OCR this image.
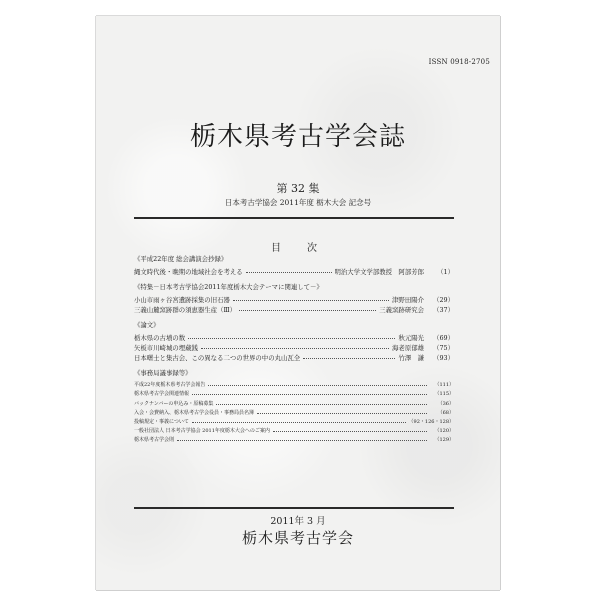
ISSN 0918-2705
栃木県考古学会誌
第 32 集
日本考古学協会 2011年度 栃木大会 記念号
目　次
《平成22年度 総会講演会抄録》
縄文時代後・晩期の地域社会を考える	明治大学文学部教授　阿部芳郎	（1）
《特集－日本考古学協会2011年度栃木大会テーマに関連して－》
小山市雨ヶ谷宮遺跡採集の旧石器	津野田陽介	（29）
三義山麓窯跡群の須恵器生産（Ⅲ）	三義窯跡研究会	（37）
《論文》
栃木県の古墳の数	秋元陽光	（69）
矢板市川崎城の埋蔵銭	海老原郁雄	（75）
日本曙士と集古会、この異なる二つの世界の中の丸山瓦全	竹澤　謙	（93）
《事務局議事録等》
平成22年度栃木県考古学会報告	（111）
栃木県考古学会関連情報	（115）
バックナンバーの申込み・原稿募集	（36）
入会・会費納入、栃木県考古学会役員・事務局員名簿	（68）
投稿規定・事義について	（92・126・128）
一般社団法人 日本考古学協会 2011年度栃木大会へのご案内	（120）
栃木県考古学会則	（129）
2011年 3 月
栃木県考古学会
